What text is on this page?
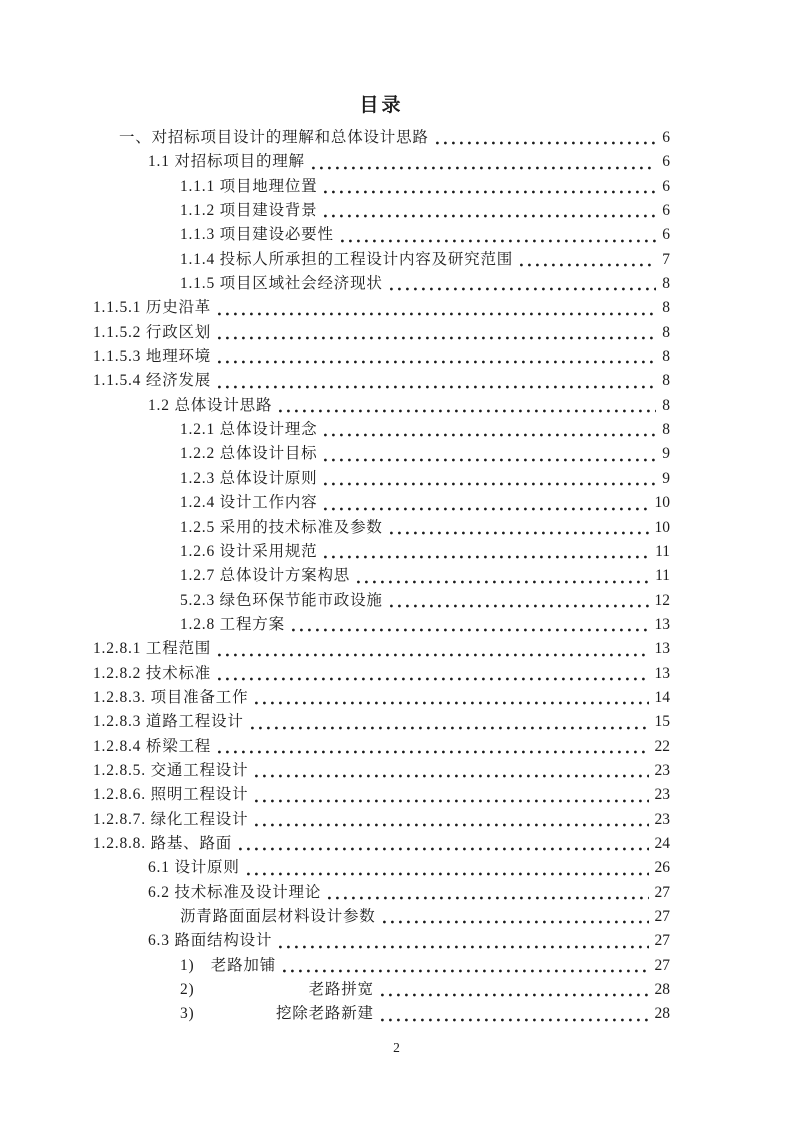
目录
一、对招标项目设计的理解和总体设计思路	6
1.1 对招标项目的理解	6
1.1.1 项目地理位置	6
1.1.2 项目建设背景	6
1.1.3 项目建设必要性	6
1.1.4 投标人所承担的工程设计内容及研究范围	7
1.1.5 项目区域社会经济现状	8
1.1.5.1 历史沿革	8
1.1.5.2 行政区划	8
1.1.5.3 地理环境	8
1.1.5.4 经济发展	8
1.2 总体设计思路	8
1.2.1 总体设计理念	8
1.2.2 总体设计目标	9
1.2.3 总体设计原则	9
1.2.4 设计工作内容	10
1.2.5 采用的技术标准及参数	10
1.2.6 设计采用规范	11
1.2.7 总体设计方案构思	11
5.2.3 绿色环保节能市政设施	12
1.2.8 工程方案	13
1.2.8.1 工程范围	13
1.2.8.2 技术标准	13
1.2.8.3. 项目准备工作	14
1.2.8.3 道路工程设计	15
1.2.8.4 桥梁工程	22
1.2.8.5. 交通工程设计	23
1.2.8.6. 照明工程设计	23
1.2.8.7. 绿化工程设计	23
1.2.8.8. 路基、路面	24
6.1 设计原则	26
6.2 技术标准及设计理论	27
沥青路面面层材料设计参数	27
6.3 路面结构设计	27
1)　老路加铺	27
2)　　　　　　　老路拼宽	28
3)　　　　　挖除老路新建	28
2
